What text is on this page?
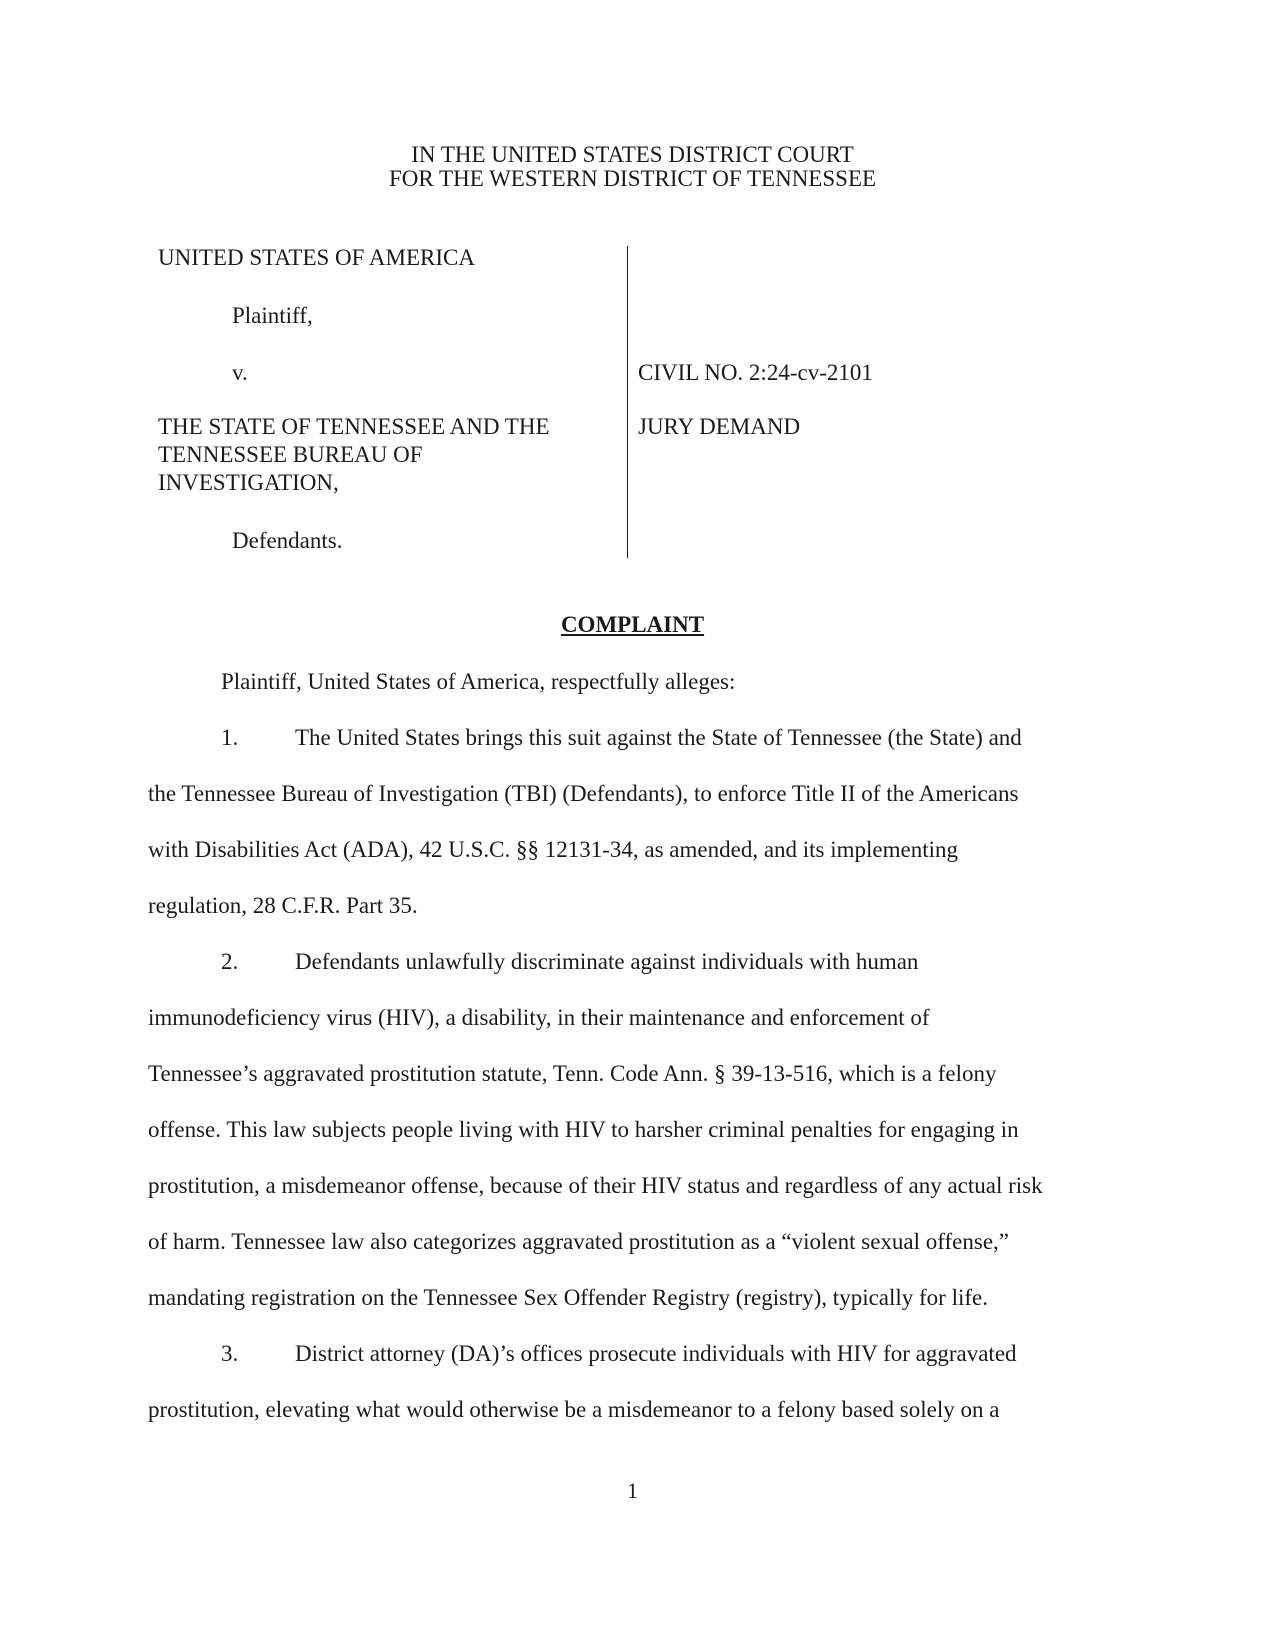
IN THE UNITED STATES DISTRICT COURT
FOR THE WESTERN DISTRICT OF TENNESSEE
UNITED STATES OF AMERICA
Plaintiff,
v.
THE STATE OF TENNESSEE AND THE
TENNESSEE BUREAU OF
INVESTIGATION,
Defendants.
CIVIL NO. 2:24-cv-2101
JURY DEMAND
COMPLAINT
Plaintiff, United States of America, respectfully alleges:
1. The United States brings this suit against the State of Tennessee (the State) and
the Tennessee Bureau of Investigation (TBI) (Defendants), to enforce Title II of the Americans
with Disabilities Act (ADA), 42 U.S.C. §§ 12131-34, as amended, and its implementing
regulation, 28 C.F.R. Part 35.
2. Defendants unlawfully discriminate against individuals with human
immunodeficiency virus (HIV), a disability, in their maintenance and enforcement of
Tennessee’s aggravated prostitution statute, Tenn. Code Ann. § 39-13-516, which is a felony
offense. This law subjects people living with HIV to harsher criminal penalties for engaging in
prostitution, a misdemeanor offense, because of their HIV status and regardless of any actual risk
of harm. Tennessee law also categorizes aggravated prostitution as a “violent sexual offense,”
mandating registration on the Tennessee Sex Offender Registry (registry), typically for life.
3. District attorney (DA)’s offices prosecute individuals with HIV for aggravated
prostitution, elevating what would otherwise be a misdemeanor to a felony based solely on a
1
